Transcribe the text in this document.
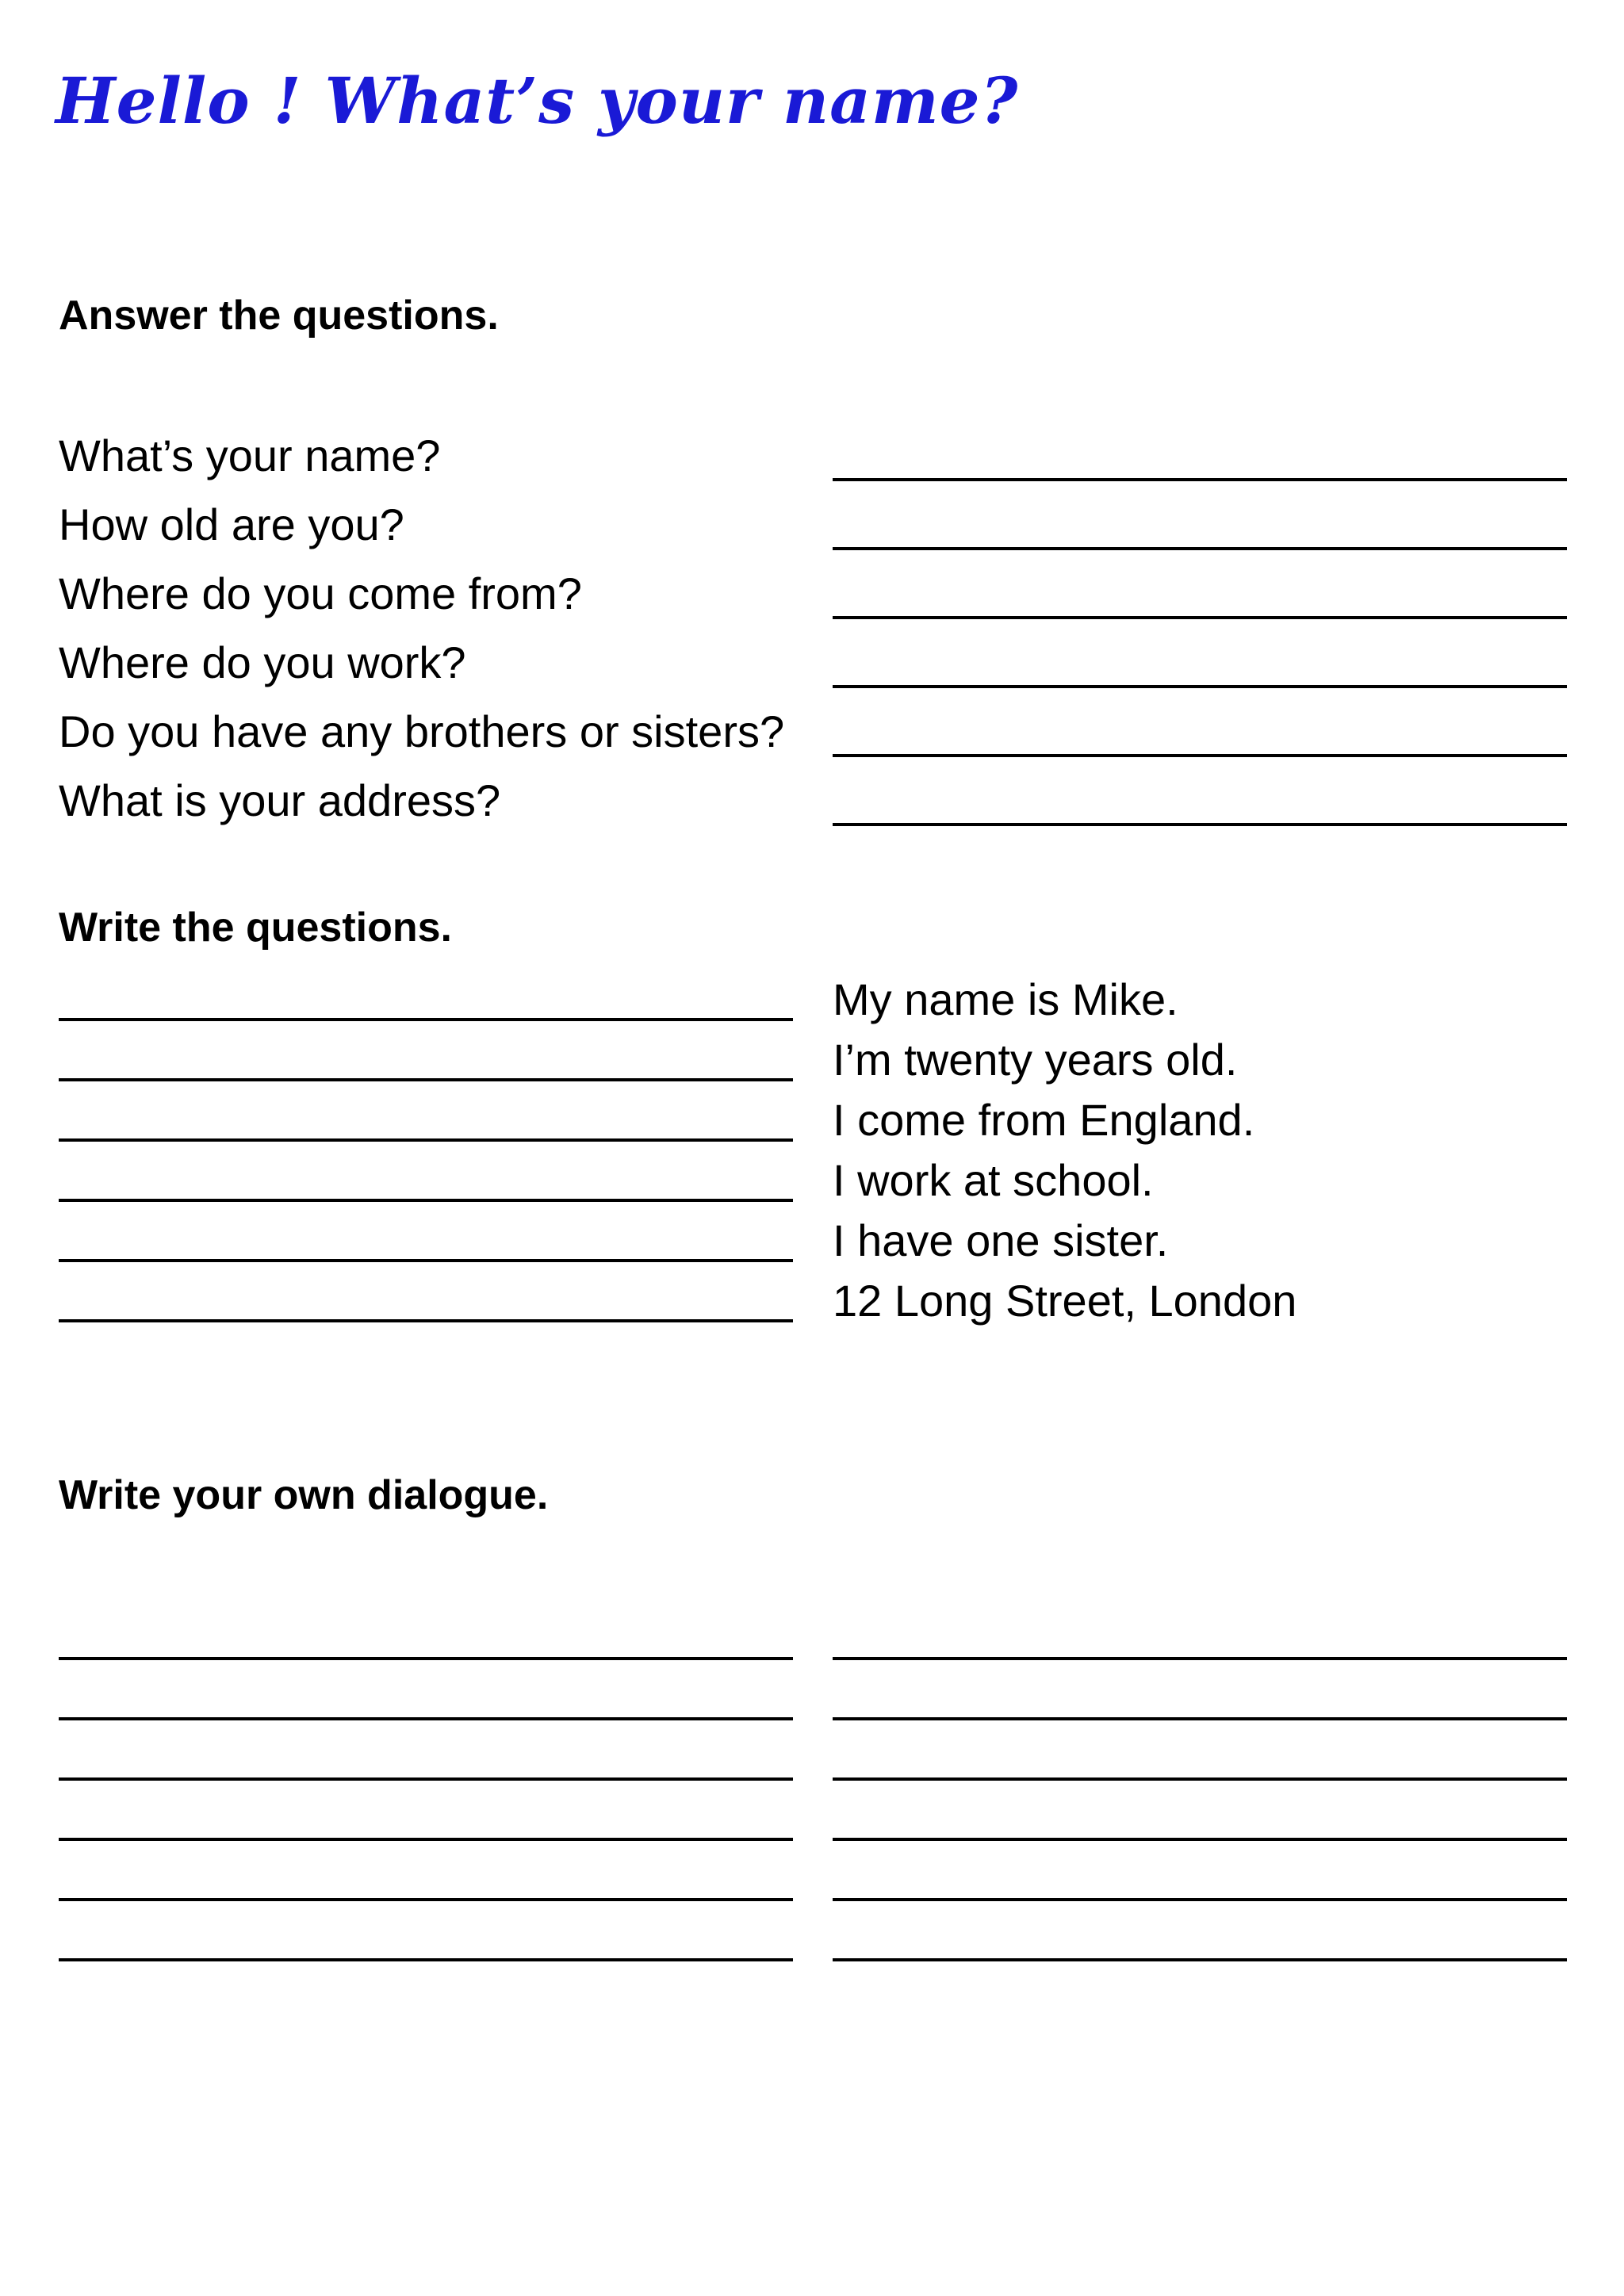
Hello ! What’s your name?
Answer the questions.
What’s your name?
How old are you?
Where do you come from?
Where do you work?
Do you have any brothers or sisters?
What is your address?
Write the questions.
My name is Mike.
I’m twenty years old.
I come from England.
I work at school.
I have one sister.
12 Long Street, London
Write your own dialogue.
